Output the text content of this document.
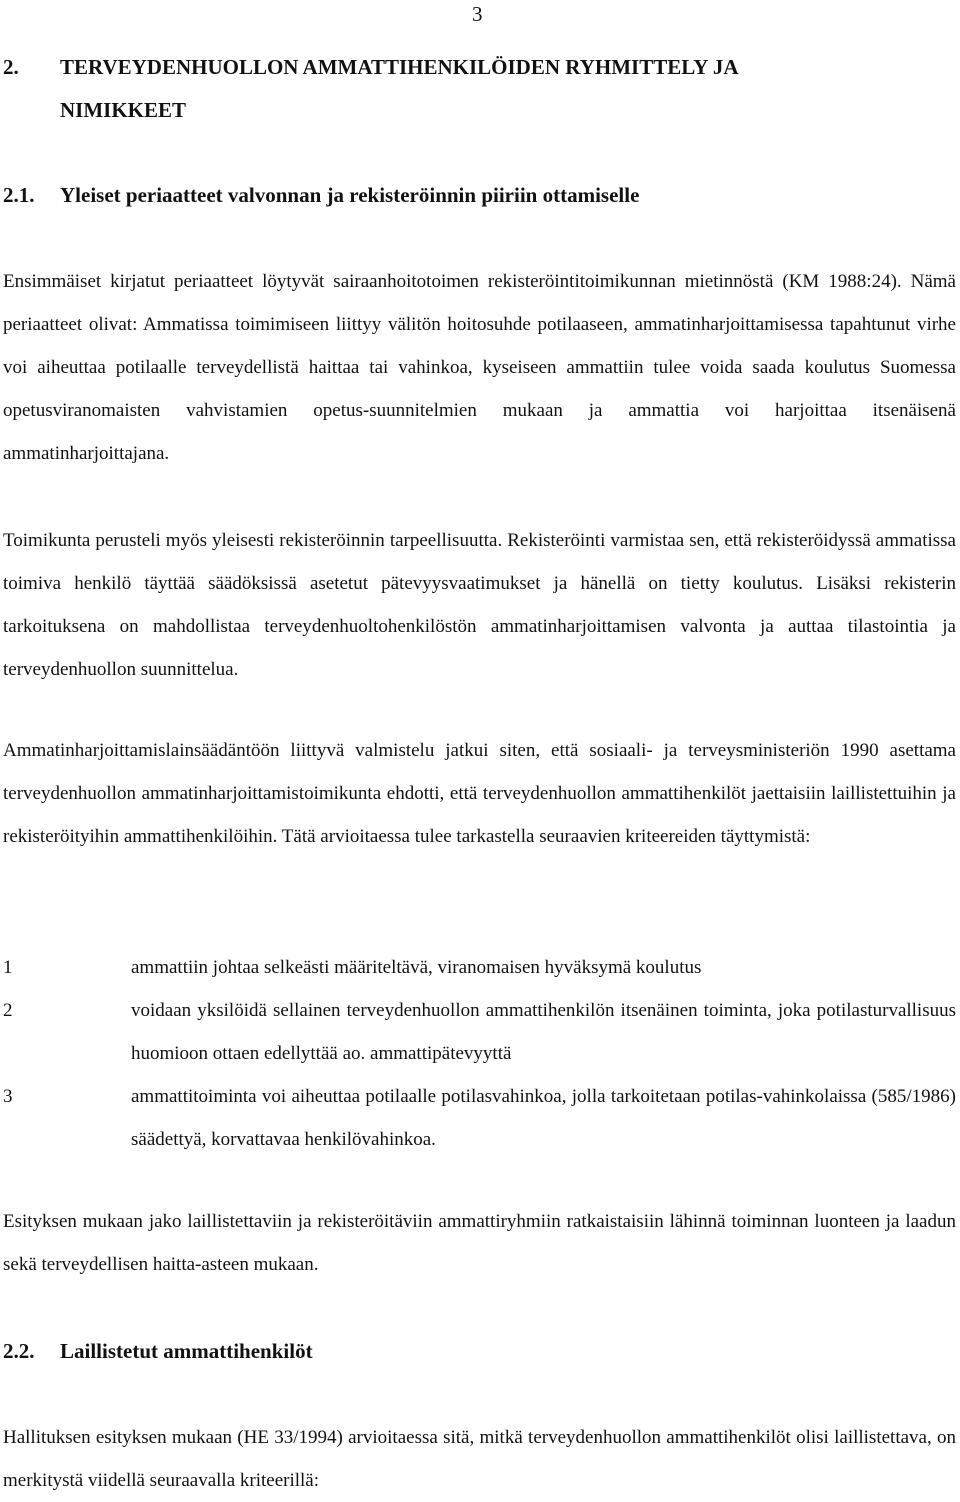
3
2.	TERVEYDENHUOLLON AMMATTIHENKILÖIDEN RYHMITTELY JA NIMIKKEET
2.1.	Yleiset periaatteet valvonnan ja rekisteröinnin piiriin ottamiselle

Ensimmäiset kirjatut periaatteet löytyvät sairaanhoitotoimen rekisteröintitoimikunnan mietinnöstä (KM 1988:24). Nämä periaatteet olivat: Ammatissa toimimiseen liittyy välitön hoitosuhde potilaaseen, ammatinharjoittamisessa tapahtunut virhe voi aiheuttaa potilaalle terveydellistä haittaa tai vahinkoa, kyseiseen ammattiin tulee voida saada koulutus Suomessa opetusviranomaisten vahvistamien opetus-suunnitelmien mukaan ja ammattia voi harjoittaa itsenäisenä ammatinharjoittajana.

Toimikunta perusteli myös yleisesti rekisteröinnin tarpeellisuutta. Rekisteröinti varmistaa sen, että rekisteröidyssä ammatissa toimiva henkilö täyttää säädöksissä asetetut pätevyysvaatimukset ja hänellä on tietty koulutus. Lisäksi rekisterin tarkoituksena on mahdollistaa terveydenhuoltohenkilöstön ammatinharjoittamisen valvonta ja auttaa tilastointia ja terveydenhuollon suunnittelua.

Ammatinharjoittamislainsäädäntöön liittyvä valmistelu jatkui siten, että sosiaali- ja terveysministeriön 1990 asettama terveydenhuollon ammatinharjoittamistoimikunta ehdotti, että terveydenhuollon ammattihenkilöt jaettaisiin laillistettuihin ja rekisteröityihin ammattihenkilöihin. Tätä arvioitaessa tulee tarkastella seuraavien kriteereiden täyttymistä:

1	ammattiin johtaa selkeästi määriteltävä, viranomaisen hyväksymä koulutus
2	voidaan yksilöidä sellainen terveydenhuollon ammattihenkilön itsenäinen toiminta, joka potilasturvallisuus huomioon ottaen edellyttää ao. ammattipätevyyttä
3	ammattitoiminta voi aiheuttaa potilaalle potilasvahinkoa, jolla tarkoitetaan potilas-vahinkolaissa (585/1986) säädettyä, korvattavaa henkilövahinkoa.

Esityksen mukaan jako laillistettaviin ja rekisteröitäviin ammattiryhmiin ratkaistaisiin lähinnä toiminnan luonteen ja laadun sekä terveydellisen haitta-asteen mukaan.

2.2.	Laillistetut ammattihenkilöt

Hallituksen esityksen mukaan (HE 33/1994) arvioitaessa sitä, mitkä terveydenhuollon ammattihenkilöt olisi laillistettava, on merkitystä viidellä seuraavalla kriteerillä:
